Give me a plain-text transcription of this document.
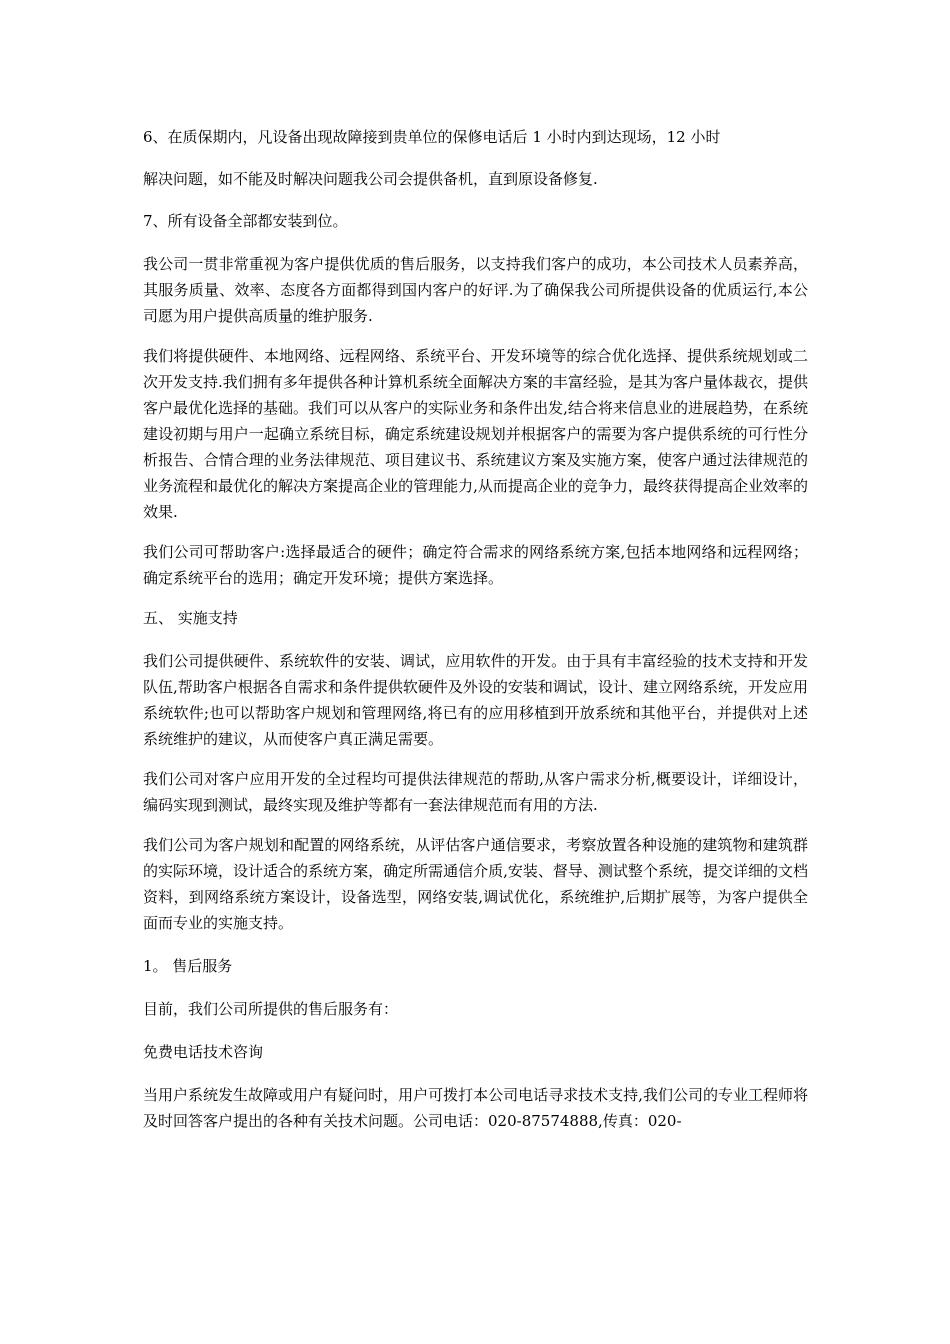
6、在质保期内，凡设备出现故障接到贵单位的保修电话后 1 小时内到达现场，12 小时

解决问题，如不能及时解决问题我公司会提供备机，直到原设备修复.

7、所有设备全部都安装到位。

我公司一贯非常重视为客户提供优质的售后服务，以支持我们客户的成功，本公司技术人员素养高，其服务质量、效率、态度各方面都得到国内客户的好评.为了确保我公司所提供设备的优质运行,本公司愿为用户提供高质量的维护服务.

我们将提供硬件、本地网络、远程网络、系统平台、开发环境等的综合优化选择、提供系统规划或二次开发支持.我们拥有多年提供各种计算机系统全面解决方案的丰富经验，是其为客户量体裁衣，提供客户最优化选择的基础。我们可以从客户的实际业务和条件出发,结合将来信息业的进展趋势，在系统建设初期与用户一起确立系统目标，确定系统建设规划并根据客户的需要为客户提供系统的可行性分析报告、合情合理的业务法律规范、项目建议书、系统建议方案及实施方案，使客户通过法律规范的业务流程和最优化的解决方案提高企业的管理能力,从而提高企业的竞争力，最终获得提高企业效率的效果.

我们公司可帮助客户:选择最适合的硬件；确定符合需求的网络系统方案,包括本地网络和远程网络；确定系统平台的选用；确定开发环境；提供方案选择。

五、 实施支持

我们公司提供硬件、系统软件的安装、调试，应用软件的开发。由于具有丰富经验的技术支持和开发队伍,帮助客户根据各自需求和条件提供软硬件及外设的安装和调试，设计、建立网络系统，开发应用系统软件;也可以帮助客户规划和管理网络,将已有的应用移植到开放系统和其他平台，并提供对上述系统维护的建议，从而使客户真正满足需要。

我们公司对客户应用开发的全过程均可提供法律规范的帮助,从客户需求分析,概要设计，详细设计，编码实现到测试，最终实现及维护等都有一套法律规范而有用的方法.

我们公司为客户规划和配置的网络系统，从评估客户通信要求，考察放置各种设施的建筑物和建筑群的实际环境，设计适合的系统方案，确定所需通信介质,安装、督导、测试整个系统，提交详细的文档资料，到网络系统方案设计，设备选型，网络安装,调试优化，系统维护,后期扩展等，为客户提供全面而专业的实施支持。

1。 售后服务

目前，我们公司所提供的售后服务有：

免费电话技术咨询

当用户系统发生故障或用户有疑问时，用户可拨打本公司电话寻求技术支持,我们公司的专业工程师将及时回答客户提出的各种有关技术问题。公司电话：020-87574888,传真：020-
